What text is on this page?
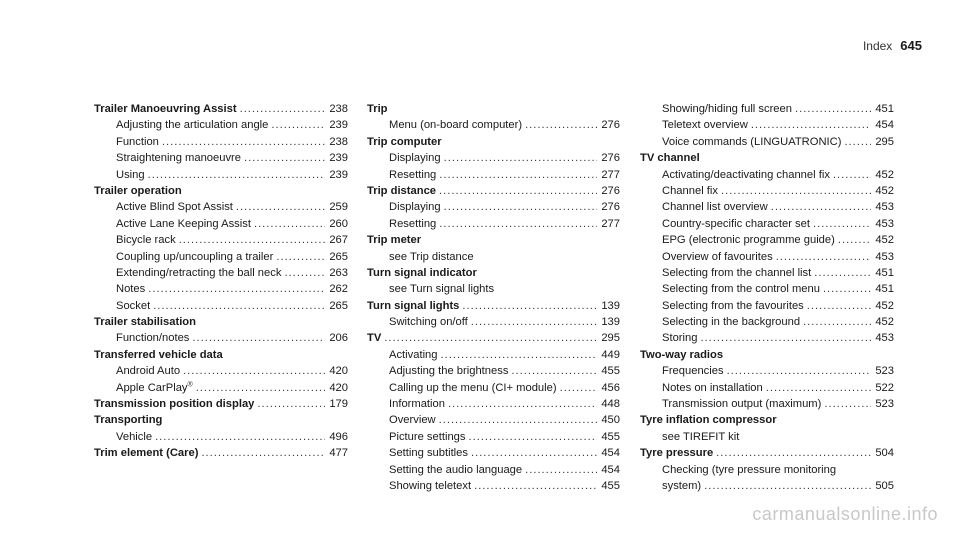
Index 645
Trailer Manoeuvring Assist .....	238
Adjusting the articulation angle .....	239
Function .....	238
Straightening manoeuvre .....	239
Using .....	239
Trailer operation
Active Blind Spot Assist .....	259
Active Lane Keeping Assist .....	260
Bicycle rack .....	267
Coupling up/uncoupling a trailer .....	265
Extending/retracting the ball neck .....	263
Notes .....	262
Socket .....	265
Trailer stabilisation
Function/notes .....	206
Transferred vehicle data
Android Auto .....	420
Apple CarPlay® .....	420
Transmission position display .....	179
Transporting
Vehicle .....	496
Trim element (Care) .....	477
Trip
Menu (on-board computer) .....	276
Trip computer
Displaying .....	276
Resetting .....	277
Trip distance .....	276
Displaying .....	276
Resetting .....	277
Trip meter
see Trip distance
Turn signal indicator
see Turn signal lights
Turn signal lights .....	139
Switching on/off .....	139
TV .....	295
Activating .....	449
Adjusting the brightness .....	455
Calling up the menu (CI+ module) .....	456
Information .....	448
Overview .....	450
Picture settings .....	455
Setting subtitles .....	454
Setting the audio language .....	454
Showing teletext .....	455
Showing/hiding full screen .....	451
Teletext overview .....	454
Voice commands (LINGUATRONIC) .....	295
TV channel
Activating/deactivating channel fix .....	452
Channel fix .....	452
Channel list overview .....	453
Country-specific character set .....	453
EPG (electronic programme guide) .....	452
Overview of favourites .....	453
Selecting from the channel list .....	451
Selecting from the control menu .....	451
Selecting from the favourites .....	452
Selecting in the background .....	452
Storing .....	453
Two-way radios
Frequencies .....	523
Notes on installation .....	522
Transmission output (maximum) .....	523
Tyre inflation compressor
see TIREFIT kit
Tyre pressure .....	504
Checking (tyre pressure monitoring
system) .....	505
carmanualsonline.info
